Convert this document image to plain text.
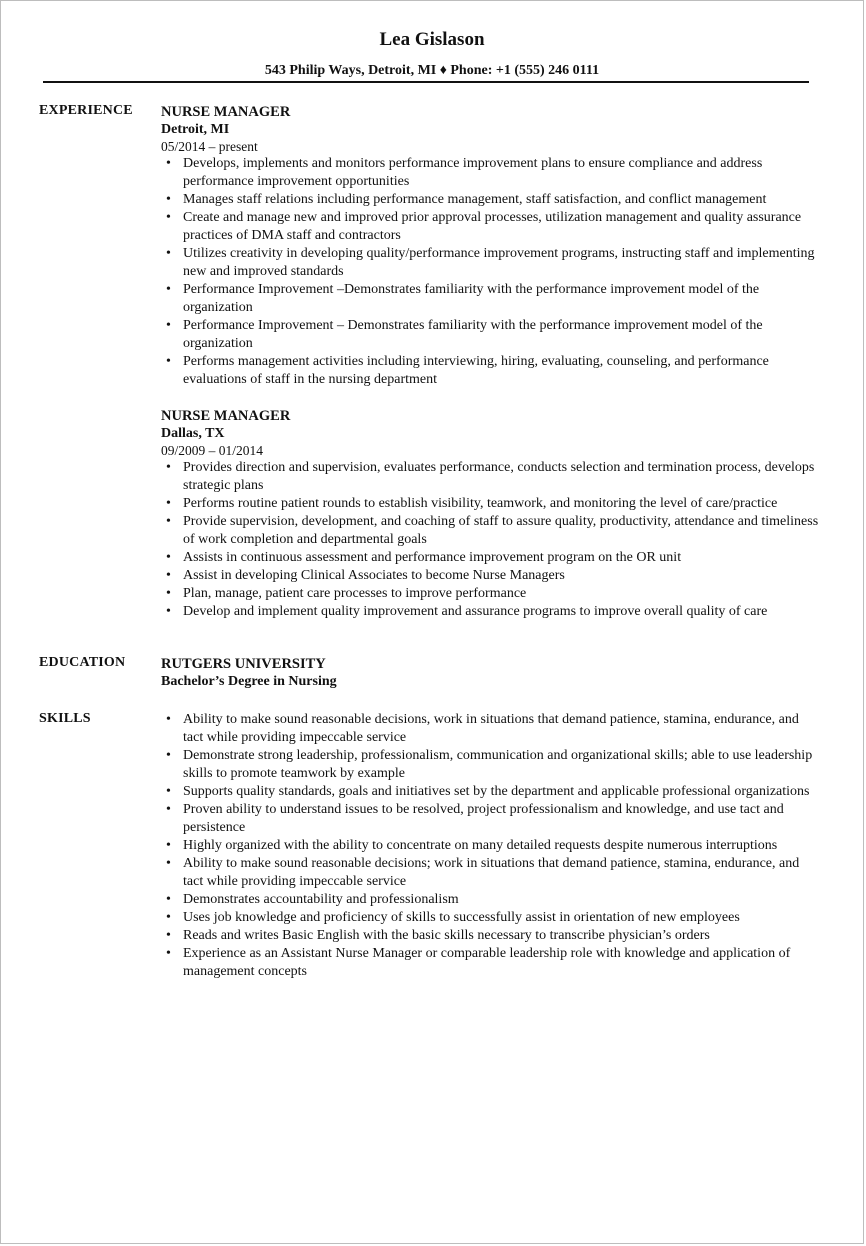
Lea Gislason
543 Philip Ways, Detroit, MI ♦ Phone: +1 (555) 246 0111
EXPERIENCE NURSE MANAGER
Detroit, MI
05/2014 – present
• Develops, implements and monitors performance improvement plans to ensure compliance and address performance improvement opportunities
• Manages staff relations including performance management, staff satisfaction, and conflict management
• Create and manage new and improved prior approval processes, utilization management and quality assurance practices of DMA staff and contractors
• Utilizes creativity in developing quality/performance improvement programs, instructing staff and implementing new and improved standards
• Performance Improvement –Demonstrates familiarity with the performance improvement model of the organization
• Performance Improvement – Demonstrates familiarity with the performance improvement model of the organization
• Performs management activities including interviewing, hiring, evaluating, counseling, and performance evaluations of staff in the nursing department
NURSE MANAGER
Dallas, TX
09/2009 – 01/2014
• Provides direction and supervision, evaluates performance, conducts selection and termination process, develops strategic plans
• Performs routine patient rounds to establish visibility, teamwork, and monitoring the level of care/practice
• Provide supervision, development, and coaching of staff to assure quality, productivity, attendance and timeliness of work completion and departmental goals
• Assists in continuous assessment and performance improvement program on the OR unit
• Assist in developing Clinical Associates to become Nurse Managers
• Plan, manage, patient care processes to improve performance
• Develop and implement quality improvement and assurance programs to improve overall quality of care
EDUCATION RUTGERS UNIVERSITY
Bachelor’s Degree in Nursing
SKILLS
•	Ability to make sound reasonable decisions, work in situations that demand patience, stamina, endurance, and tact while providing impeccable service
• Demonstrate strong leadership, professionalism, communication and organizational skills; able to use leadership skills to promote teamwork by example
• Supports quality standards, goals and initiatives set by the department and applicable professional organizations
• Proven ability to understand issues to be resolved, project professionalism and knowledge, and use tact and persistence
• Highly organized with the ability to concentrate on many detailed requests despite numerous interruptions
• Ability to make sound reasonable decisions; work in situations that demand patience, stamina, endurance, and tact while providing impeccable service
• Demonstrates accountability and professionalism
• Uses job knowledge and proficiency of skills to successfully assist in orientation of new employees
• Reads and writes Basic English with the basic skills necessary to transcribe physician’s orders
• Experience as an Assistant Nurse Manager or comparable leadership role with knowledge and application of management concepts
